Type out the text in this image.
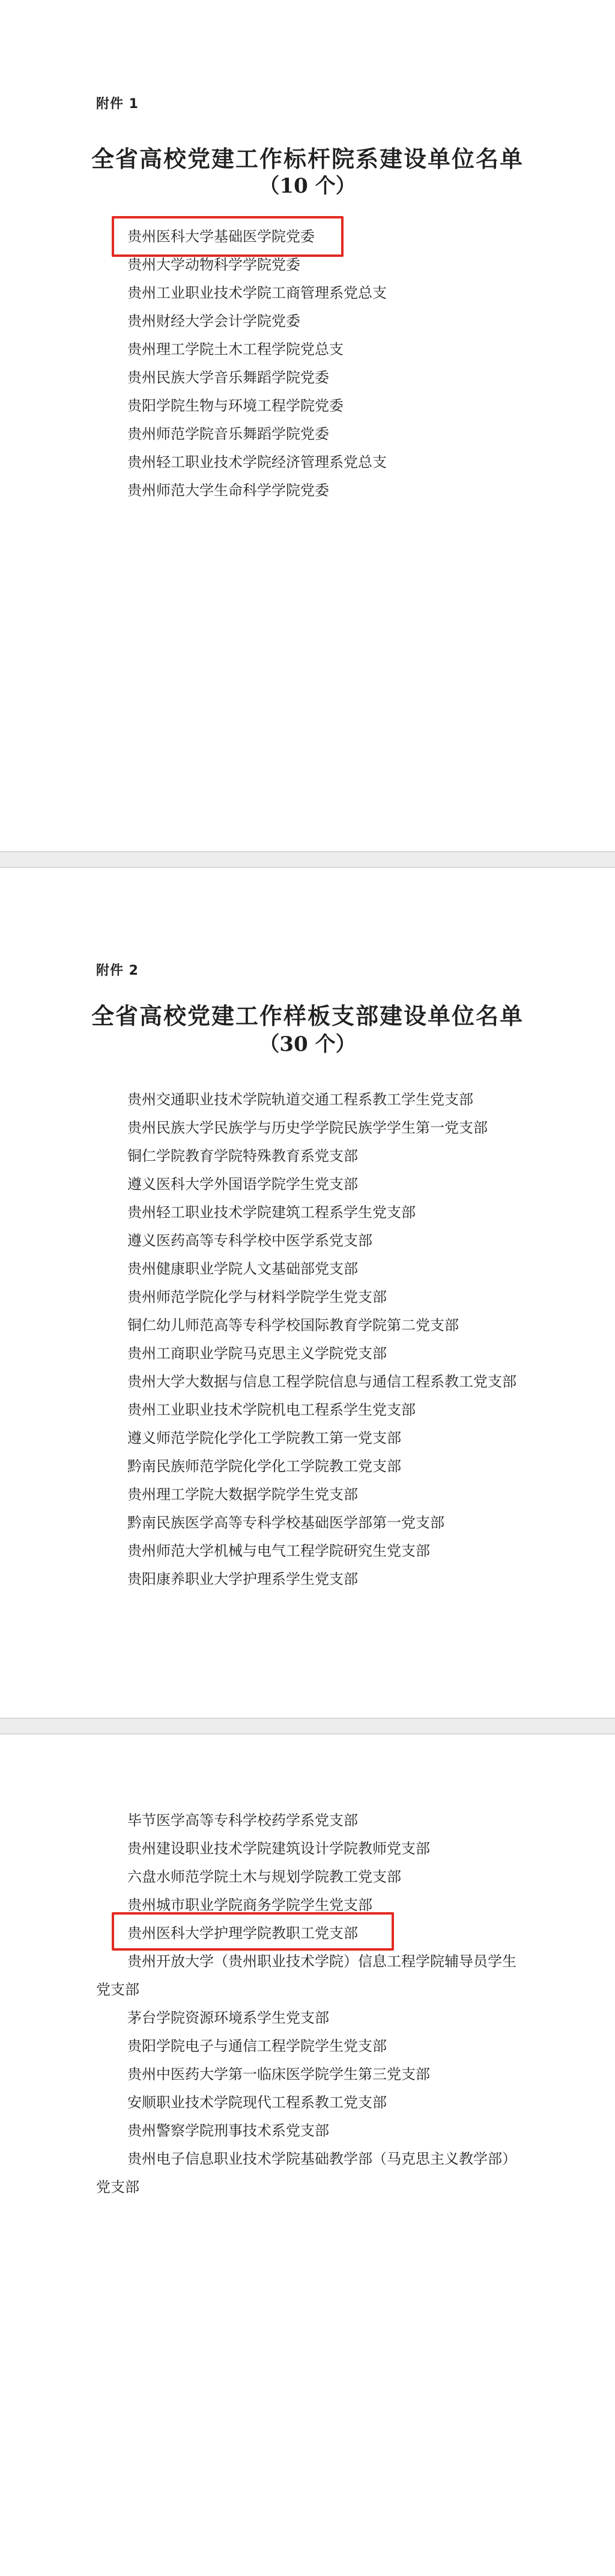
附件 1
全省高校党建工作标杆院系建设单位名单
（10 个）
贵州医科大学基础医学院党委
贵州大学动物科学学院党委
贵州工业职业技术学院工商管理系党总支
贵州财经大学会计学院党委
贵州理工学院土木工程学院党总支
贵州民族大学音乐舞蹈学院党委
贵阳学院生物与环境工程学院党委
贵州师范学院音乐舞蹈学院党委
贵州轻工职业技术学院经济管理系党总支
贵州师范大学生命科学学院党委
附件 2
全省高校党建工作样板支部建设单位名单
（30 个）
贵州交通职业技术学院轨道交通工程系教工学生党支部
贵州民族大学民族学与历史学学院民族学学生第一党支部
铜仁学院教育学院特殊教育系党支部
遵义医科大学外国语学院学生党支部
贵州轻工职业技术学院建筑工程系学生党支部
遵义医药高等专科学校中医学系党支部
贵州健康职业学院人文基础部党支部
贵州师范学院化学与材料学院学生党支部
铜仁幼儿师范高等专科学校国际教育学院第二党支部
贵州工商职业学院马克思主义学院党支部
贵州大学大数据与信息工程学院信息与通信工程系教工党支部
贵州工业职业技术学院机电工程系学生党支部
遵义师范学院化学化工学院教工第一党支部
黔南民族师范学院化学化工学院教工党支部
贵州理工学院大数据学院学生党支部
黔南民族医学高等专科学校基础医学部第一党支部
贵州师范大学机械与电气工程学院研究生党支部
贵阳康养职业大学护理系学生党支部
毕节医学高等专科学校药学系党支部
贵州建设职业技术学院建筑设计学院教师党支部
六盘水师范学院土木与规划学院教工党支部
贵州城市职业学院商务学院学生党支部
贵州医科大学护理学院教职工党支部
贵州开放大学（贵州职业技术学院）信息工程学院辅导员学生党支部
茅台学院资源环境系学生党支部
贵阳学院电子与通信工程学院学生党支部
贵州中医药大学第一临床医学院学生第三党支部
安顺职业技术学院现代工程系教工党支部
贵州警察学院刑事技术系党支部
贵州电子信息职业技术学院基础教学部（马克思主义教学部）党支部
